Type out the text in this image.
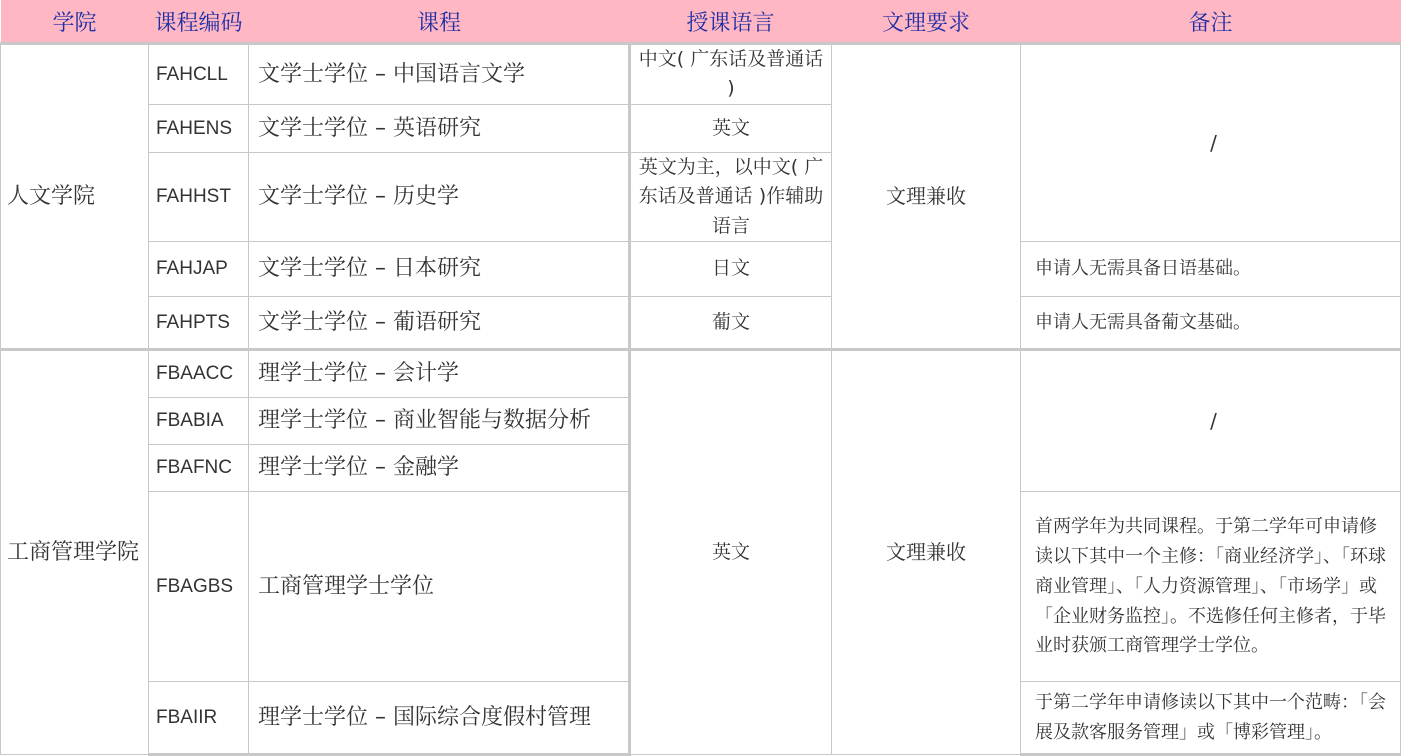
学院	课程编码	课程	授课语言	文理要求	备注
人文学院	FAHCLL	文学士学位 – 中国语言文学	中文( 广东话及普通话 )	文理兼收	/
	FAHENS	文学士学位 – 英语研究	英文		
	FAHHST	文学士学位 – 历史学	英文为主，以中文( 广东话及普通话 )作辅助语言		
	FAHJAP	文学士学位 – 日本研究	日文		申请人无需具备日语基础。
	FAHPTS	文学士学位 – 葡语研究	葡文		申请人无需具备葡文基础。
工商管理学院	FBAACC	理学士学位 – 会计学	英文	文理兼收	/
	FBABIA	理学士学位 – 商业智能与数据分析			
	FBAFNC	理学士学位 – 金融学			
	FBAGBS	工商管理学士学位			首两学年为共同课程。于第二学年可申请修读以下其中一个主修：「商业经济学」、「环球商业管理」、「人力资源管理」、「市场学」或「企业财务监控」。不选修任何主修者，于毕业时获颁工商管理学士学位。
	FBAIIR	理学士学位 – 国际综合度假村管理			于第二学年申请修读以下其中一个范畴：「会展及款客服务管理」或「博彩管理」。
